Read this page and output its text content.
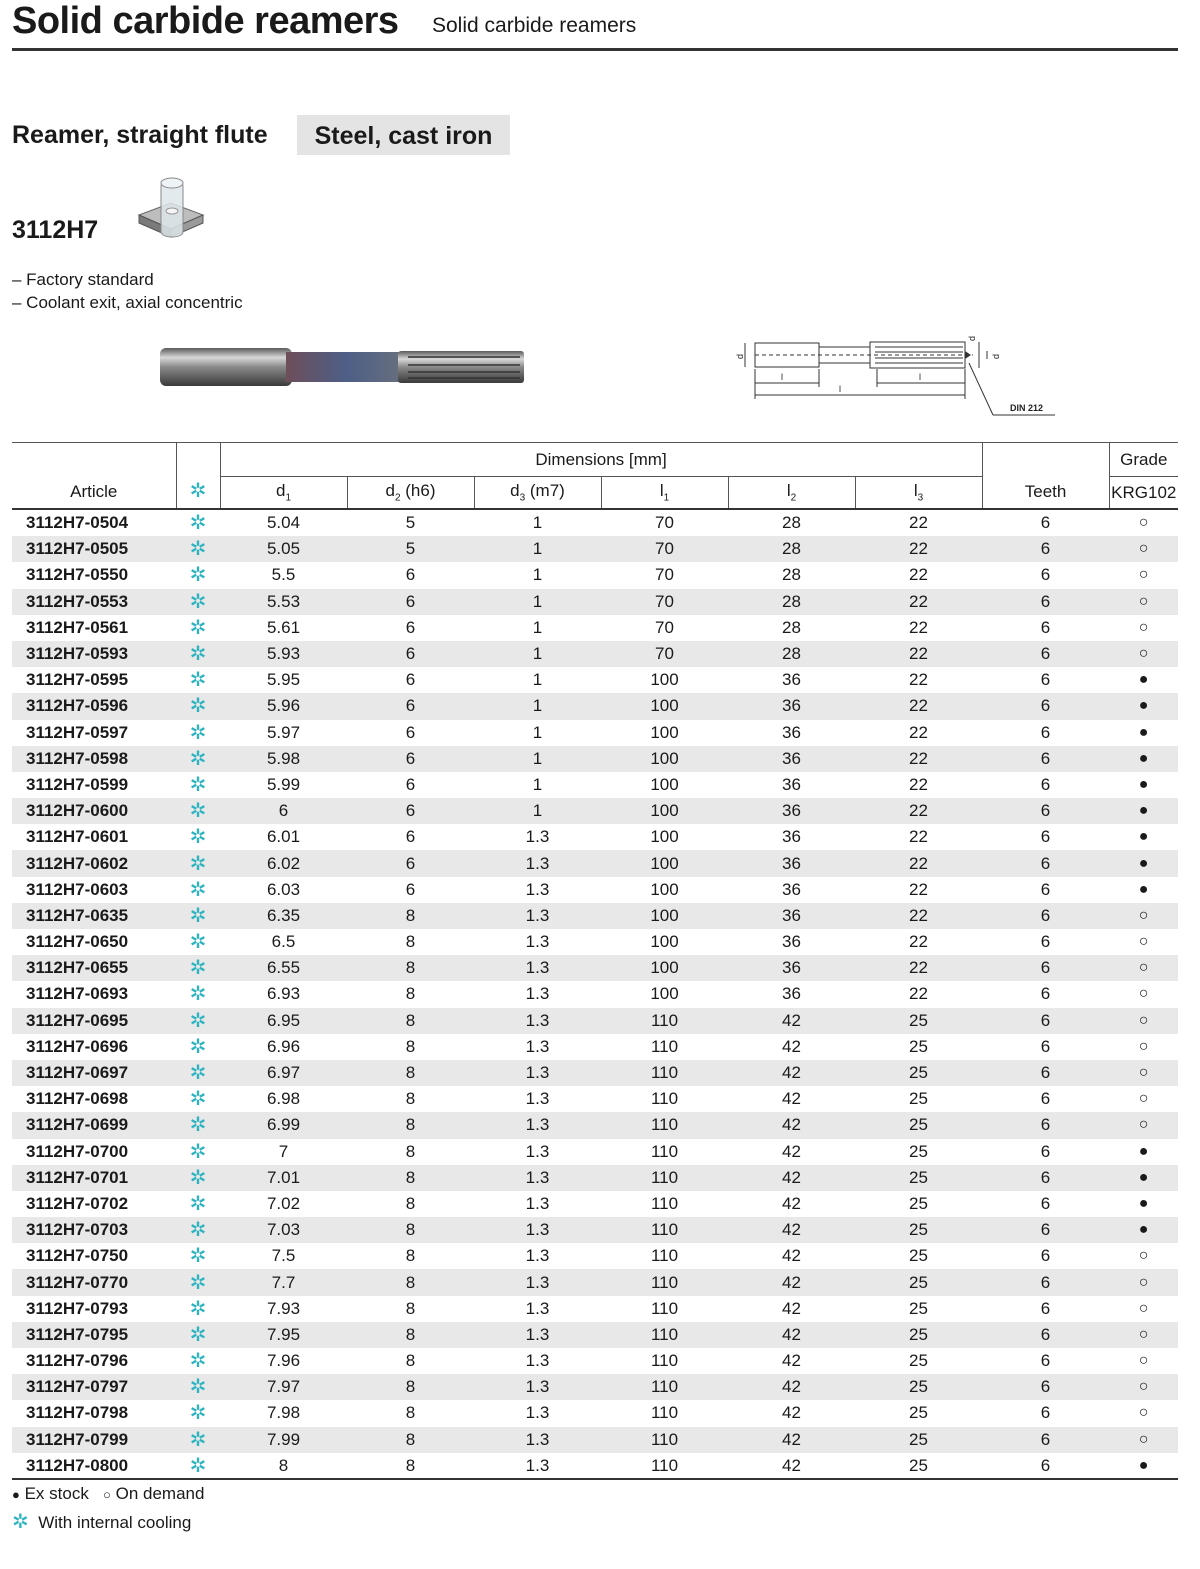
Solid carbide reamers Solid carbide reamers
Reamer, straight flute	Steel, cast iron
3112H7
– Factory standard
– Coolant exit, axial concentric
d
l
l
l
d
d
DIN 212
Article	✲	Dimensions [mm]						Teeth	Grade
		$d_1$	$d_2$ (h6)	$d_3$ (m7)	$l_1$	$l_2$	$l_3$		KRG102

3112H7-0504	✲	5.04	5	1	70	28	22	6	○
3112H7-0505	✲	5.05	5	1	70	28	22	6	○
3112H7-0550	✲	5.5	6	1	70	28	22	6	○
3112H7-0553	✲	5.53	6	1	70	28	22	6	○
3112H7-0561	✲	5.61	6	1	70	28	22	6	○
3112H7-0593	✲	5.93	6	1	70	28	22	6	○
3112H7-0595	✲	5.95	6	1	100	36	22	6	●
3112H7-0596	✲	5.96	6	1	100	36	22	6	●
3112H7-0597	✲	5.97	6	1	100	36	22	6	●
3112H7-0598	✲	5.98	6	1	100	36	22	6	●
3112H7-0599	✲	5.99	6	1	100	36	22	6	●
3112H7-0600	✲	6	6	1	100	36	22	6	●
3112H7-0601	✲	6.01	6	1.3	100	36	22	6	●
3112H7-0602	✲	6.02	6	1.3	100	36	22	6	●
3112H7-0603	✲	6.03	6	1.3	100	36	22	6	●
3112H7-0635	✲	6.35	8	1.3	100	36	22	6	○
3112H7-0650	✲	6.5	8	1.3	100	36	22	6	○
3112H7-0655	✲	6.55	8	1.3	100	36	22	6	○
3112H7-0693	✲	6.93	8	1.3	100	36	22	6	○
3112H7-0695	✲	6.95	8	1.3	110	42	25	6	○
3112H7-0696	✲	6.96	8	1.3	110	42	25	6	○
3112H7-0697	✲	6.97	8	1.3	110	42	25	6	○
3112H7-0698	✲	6.98	8	1.3	110	42	25	6	○
3112H7-0699	✲	6.99	8	1.3	110	42	25	6	○
3112H7-0700	✲	7	8	1.3	110	42	25	6	●
3112H7-0701	✲	7.01	8	1.3	110	42	25	6	●
3112H7-0702	✲	7.02	8	1.3	110	42	25	6	●
3112H7-0703	✲	7.03	8	1.3	110	42	25	6	●
3112H7-0750	✲	7.5	8	1.3	110	42	25	6	○
3112H7-0770	✲	7.7	8	1.3	110	42	25	6	○
3112H7-0793	✲	7.93	8	1.3	110	42	25	6	○
3112H7-0795	✲	7.95	8	1.3	110	42	25	6	○
3112H7-0796	✲	7.96	8	1.3	110	42	25	6	○
3112H7-0797	✲	7.97	8	1.3	110	42	25	6	○
3112H7-0798	✲	7.98	8	1.3	110	42	25	6	○
3112H7-0799	✲	7.99	8	1.3	110	42	25	6	○
3112H7-0800	✲	8	8	1.3	110	42	25	6	●
● Ex stock ○ On demand
✲ With internal cooling
